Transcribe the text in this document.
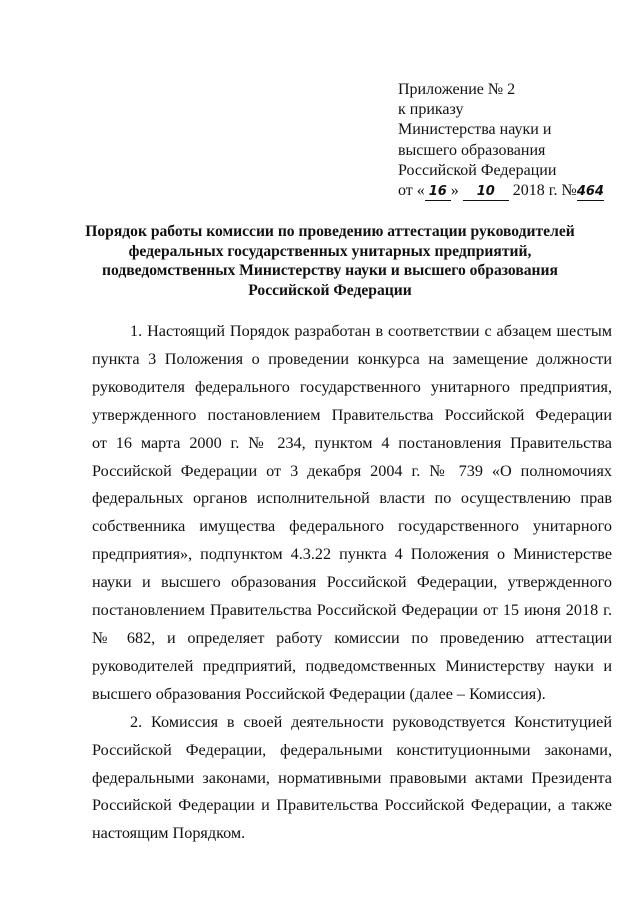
Приложение № 2
к приказу
Министерства науки и
высшего образования
Российской Федерации
от « 16 » 10 2018 г. №464
Порядок работы комиссии по проведению аттестации руководителей
федеральных государственных унитарных предприятий,
подведомственных Министерству науки и высшего образования
Российской Федерации

1. Настоящий Порядок разработан в соответствии с абзацем шестым
пункта 3 Положения о проведении конкурса на замещение должности
руководителя федерального государственного унитарного предприятия,
утвержденного постановлением Правительства Российской Федерации
от 16 марта 2000 г. № 234, пунктом 4 постановления Правительства
Российской Федерации от 3 декабря 2004 г. № 739 «О полномочиях
федеральных органов исполнительной власти по осуществлению прав
собственника имущества федерального государственного унитарного
предприятия», подпунктом 4.3.22 пункта 4 Положения о Министерстве
науки и высшего образования Российской Федерации, утвержденного
постановлением Правительства Российской Федерации от 15 июня 2018 г.
№ 682, и определяет работу комиссии по проведению аттестации
руководителей предприятий, подведомственных Министерству науки и
высшего образования Российской Федерации (далее – Комиссия).

2. Комиссия в своей деятельности руководствуется Конституцией
Российской Федерации, федеральными конституционными законами,
федеральными законами, нормативными правовыми актами Президента
Российской Федерации и Правительства Российской Федерации, а также
настоящим Порядком.
